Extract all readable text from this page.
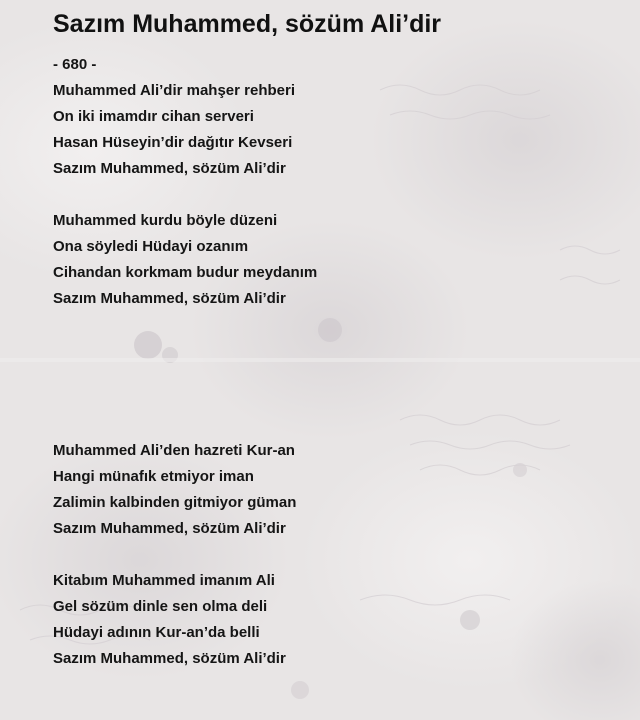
Sazım Muhammed, sözüm Ali’dir
- 680 -
Muhammed Ali’dir mahşer rehberi
On iki imamdır cihan serveri
Hasan Hüseyin’dir dağıtır Kevseri
Sazım Muhammed, sözüm Ali’dir
Muhammed kurdu böyle düzeni
Ona söyledi Hüdayi ozanım
Cihandan korkmam budur meydanım
Sazım Muhammed, sözüm Ali’dir
Muhammed Ali’den hazreti Kur-an
Hangi münafık etmiyor iman
Zalimin kalbinden gitmiyor güman
Sazım Muhammed, sözüm Ali’dir
Kitabım Muhammed imanım Ali
Gel sözüm dinle sen olma deli
Hüdayi adının Kur-an’da belli
Sazım Muhammed, sözüm Ali’dir
